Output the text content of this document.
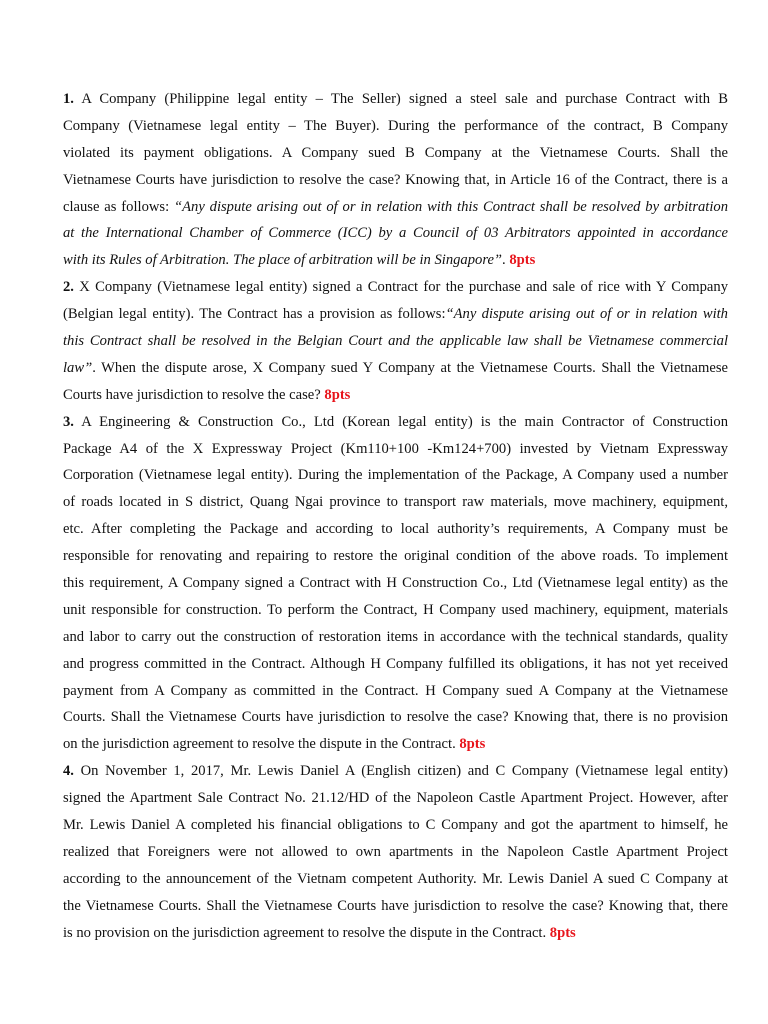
1. A Company (Philippine legal entity – The Seller) signed a steel sale and purchase Contract with B
Company (Vietnamese legal entity – The Buyer). During the performance of the contract, B Company
violated its payment obligations. A Company sued B Company at the Vietnamese Courts. Shall the
Vietnamese Courts have jurisdiction to resolve the case? Knowing that, in Article 16 of the Contract, there is a
clause as follows: “Any dispute arising out of or in relation with this Contract shall be resolved by arbitration
at the International Chamber of Commerce (ICC) by a Council of 03 Arbitrators appointed in accordance
with its Rules of Arbitration. The place of arbitration will be in Singapore”. 8pts
2. X Company (Vietnamese legal entity) signed a Contract for the purchase and sale of rice with Y Company
(Belgian legal entity). The Contract has a provision as follows:“Any dispute arising out of or in relation with
this Contract shall be resolved in the Belgian Court and the applicable law shall be Vietnamese commercial
law”. When the dispute arose, X Company sued Y Company at the Vietnamese Courts. Shall the Vietnamese
Courts have jurisdiction to resolve the case? 8pts
3. A Engineering & Construction Co., Ltd (Korean legal entity) is the main Contractor of Construction
Package A4 of the X Expressway Project (Km110+100 -Km124+700) invested by Vietnam Expressway
Corporation (Vietnamese legal entity). During the implementation of the Package, A Company used a number
of roads located in S district, Quang Ngai province to transport raw materials, move machinery, equipment,
etc. After completing the Package and according to local authority’s requirements, A Company must be
responsible for renovating and repairing to restore the original condition of the above roads. To implement
this requirement, A Company signed a Contract with H Construction Co., Ltd (Vietnamese legal entity) as the
unit responsible for construction. To perform the Contract, H Company used machinery, equipment, materials
and labor to carry out the construction of restoration items in accordance with the technical standards, quality
and progress committed in the Contract. Although H Company fulfilled its obligations, it has not yet received
payment from A Company as committed in the Contract. H Company sued A Company at the Vietnamese
Courts. Shall the Vietnamese Courts have jurisdiction to resolve the case? Knowing that, there is no provision
on the jurisdiction agreement to resolve the dispute in the Contract. 8pts
4. On November 1, 2017, Mr. Lewis Daniel A (English citizen) and C Company (Vietnamese legal entity)
signed the Apartment Sale Contract No. 21.12/HD of the Napoleon Castle Apartment Project. However, after
Mr. Lewis Daniel A completed his financial obligations to C Company and got the apartment to himself, he
realized that Foreigners were not allowed to own apartments in the Napoleon Castle Apartment Project
according to the announcement of the Vietnam competent Authority. Mr. Lewis Daniel A sued C Company at
the Vietnamese Courts. Shall the Vietnamese Courts have jurisdiction to resolve the case? Knowing that, there
is no provision on the jurisdiction agreement to resolve the dispute in the Contract. 8pts
